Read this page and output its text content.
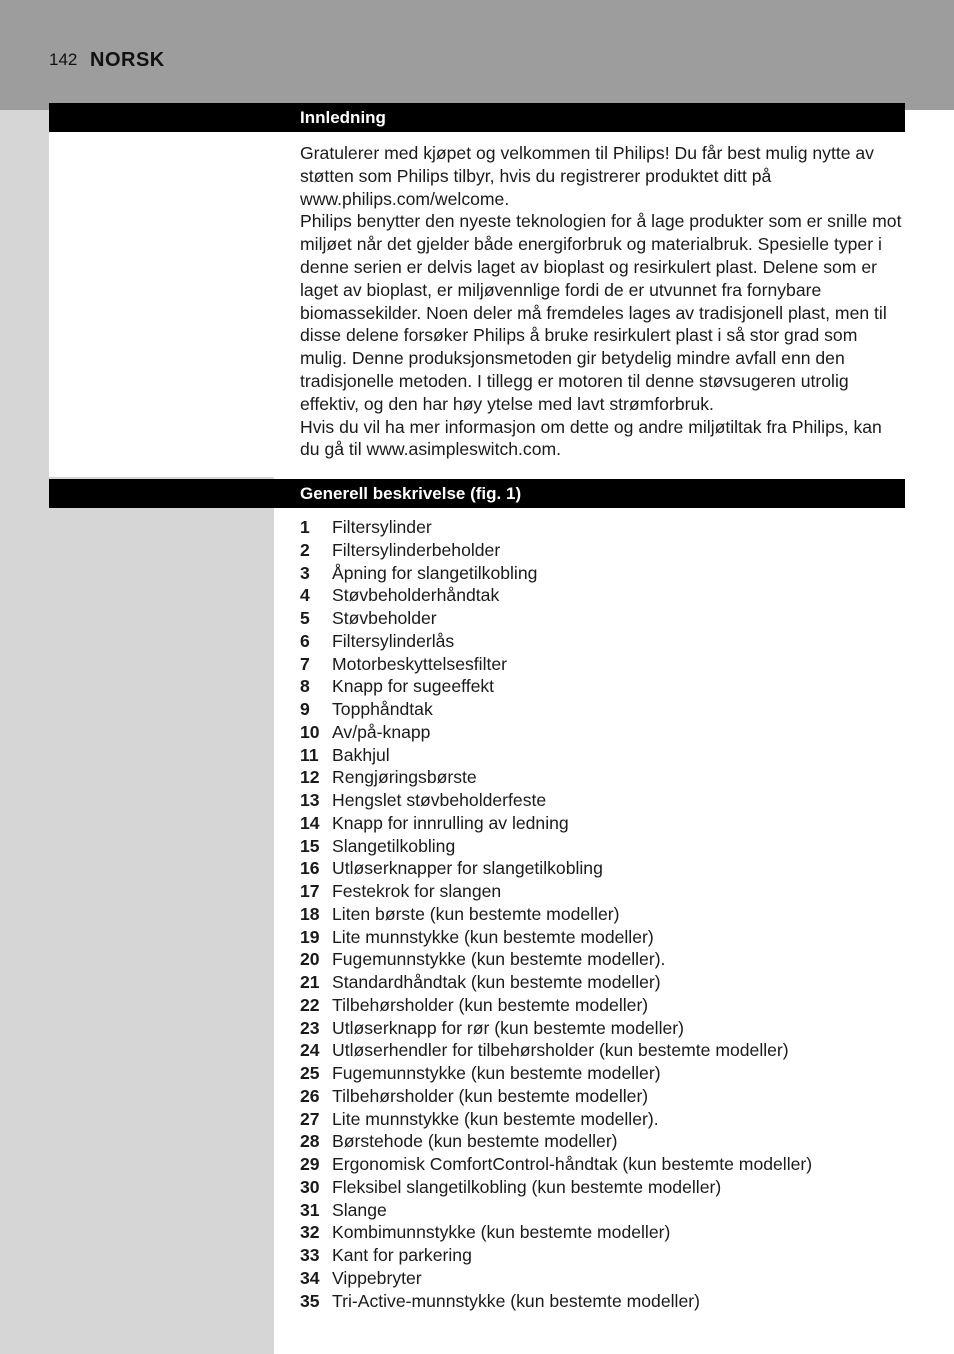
142 NORSK
Innledning

Gratulerer med kjøpet og velkommen til Philips! Du får best mulig nytte av støtten som Philips tilbyr, hvis du registrerer produktet ditt på www.philips.com/welcome.

Philips benytter den nyeste teknologien for å lage produkter som er snille mot miljøet når det gjelder både energiforbruk og materialbruk. Spesielle typer i denne serien er delvis laget av bioplast og resirkulert plast. Delene som er laget av bioplast, er miljøvennlige fordi de er utvunnet fra fornybare biomassekilder. Noen deler må fremdeles lages av tradisjonell plast, men til disse delene forsøker Philips å bruke resirkulert plast i så stor grad som mulig. Denne produksjonsmetoden gir betydelig mindre avfall enn den tradisjonelle metoden. I tillegg er motoren til denne støvsugeren utrolig effektiv, og den har høy ytelse med lavt strømforbruk.

Hvis du vil ha mer informasjon om dette og andre miljøtiltak fra Philips, kan du gå til www.asimpleswitch.com.

Generell beskrivelse (fig. 1)
1	Filtersylinder
2	Filtersylinderbeholder
3	Åpning for slangetilkobling
4	Støvbeholderhåndtak
5	Støvbeholder
6	Filtersylinderlås
7	Motorbeskyttelsesfilter
8	Knapp for sugeeffekt
9	Topphåndtak
10 Av/på-knapp
11 Bakhjul
12 Rengjøringsbørste
13 Hengslet støvbeholderfeste
14 Knapp for innrulling av ledning
15 Slangetilkobling
16 Utløserknapper for slangetilkobling
17 Festekrok for slangen
18 Liten børste (kun bestemte modeller)
19 Lite munnstykke (kun bestemte modeller)
20 Fugemunnstykke (kun bestemte modeller).
21 Standardhåndtak (kun bestemte modeller)
22 Tilbehørsholder (kun bestemte modeller)
23 Utløserknapp for rør (kun bestemte modeller)
24 Utløserhendler for tilbehørsholder (kun bestemte modeller)
25 Fugemunnstykke (kun bestemte modeller)
26 Tilbehørsholder (kun bestemte modeller)
27 Lite munnstykke (kun bestemte modeller).
28 Børstehode (kun bestemte modeller)
29 Ergonomisk ComfortControl-håndtak (kun bestemte modeller)
30 Fleksibel slangetilkobling (kun bestemte modeller)
31 Slange
32 Kombimunnstykke (kun bestemte modeller)
33 Kant for parkering
34 Vippebryter
35 Tri-Active-munnstykke (kun bestemte modeller)
